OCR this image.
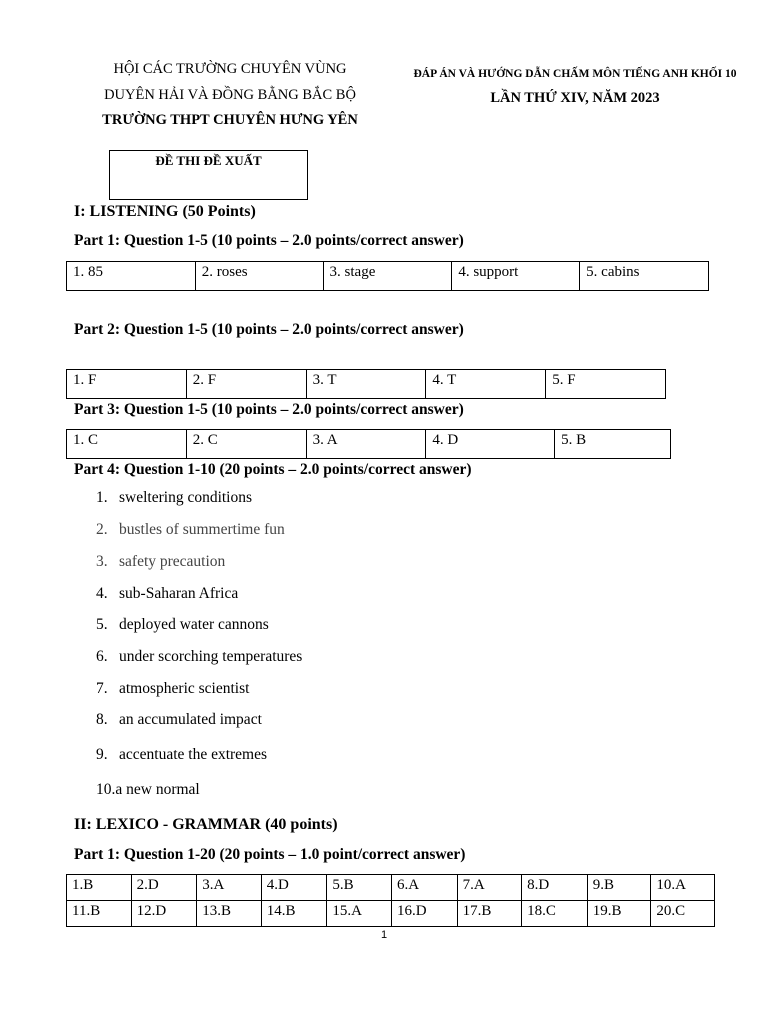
HỘI CÁC TRƯỜNG CHUYÊN VÙNG
DUYÊN HẢI VÀ ĐỒNG BẰNG BẮC BỘ
TRƯỜNG THPT CHUYÊN HƯNG YÊN
ĐÁP ÁN VÀ HƯỚNG DẪN CHẤM MÔN TIẾNG ANH KHỐI 10
LẦN THỨ XIV, NĂM 2023
ĐỀ THI ĐỀ XUẤT
I: LISTENING (50 Points)
Part 1: Question 1-5 (10 points – 2.0 points/correct answer)
1. 85	2. roses	3. stage	4. support	5. cabins
Part 2: Question 1-5 (10 points – 2.0 points/correct answer)
1. F	2. F	3. T	4. T	5. F
Part 3: Question 1-5 (10 points – 2.0 points/correct answer)
1. C	2. C	3. A	4. D	5. B
Part 4: Question 1-10 (20 points – 2.0 points/correct answer)
1. sweltering conditions
2. bustles of summertime fun
3. safety precaution
4. sub-Saharan Africa
5. deployed water cannons
6. under scorching temperatures
7. atmospheric scientist
8. an accumulated impact
9. accentuate the extremes
10.a new normal
II: LEXICO - GRAMMAR (40 points)
Part 1: Question 1-20 (20 points – 1.0 point/correct answer)
1.B	2.D	3.A	4.D	5.B	6.A	7.A	8.D	9.B	10.A
11.B	12.D	13.B	14.B	15.A	16.D	17.B	18.C	19.B	20.C
1
